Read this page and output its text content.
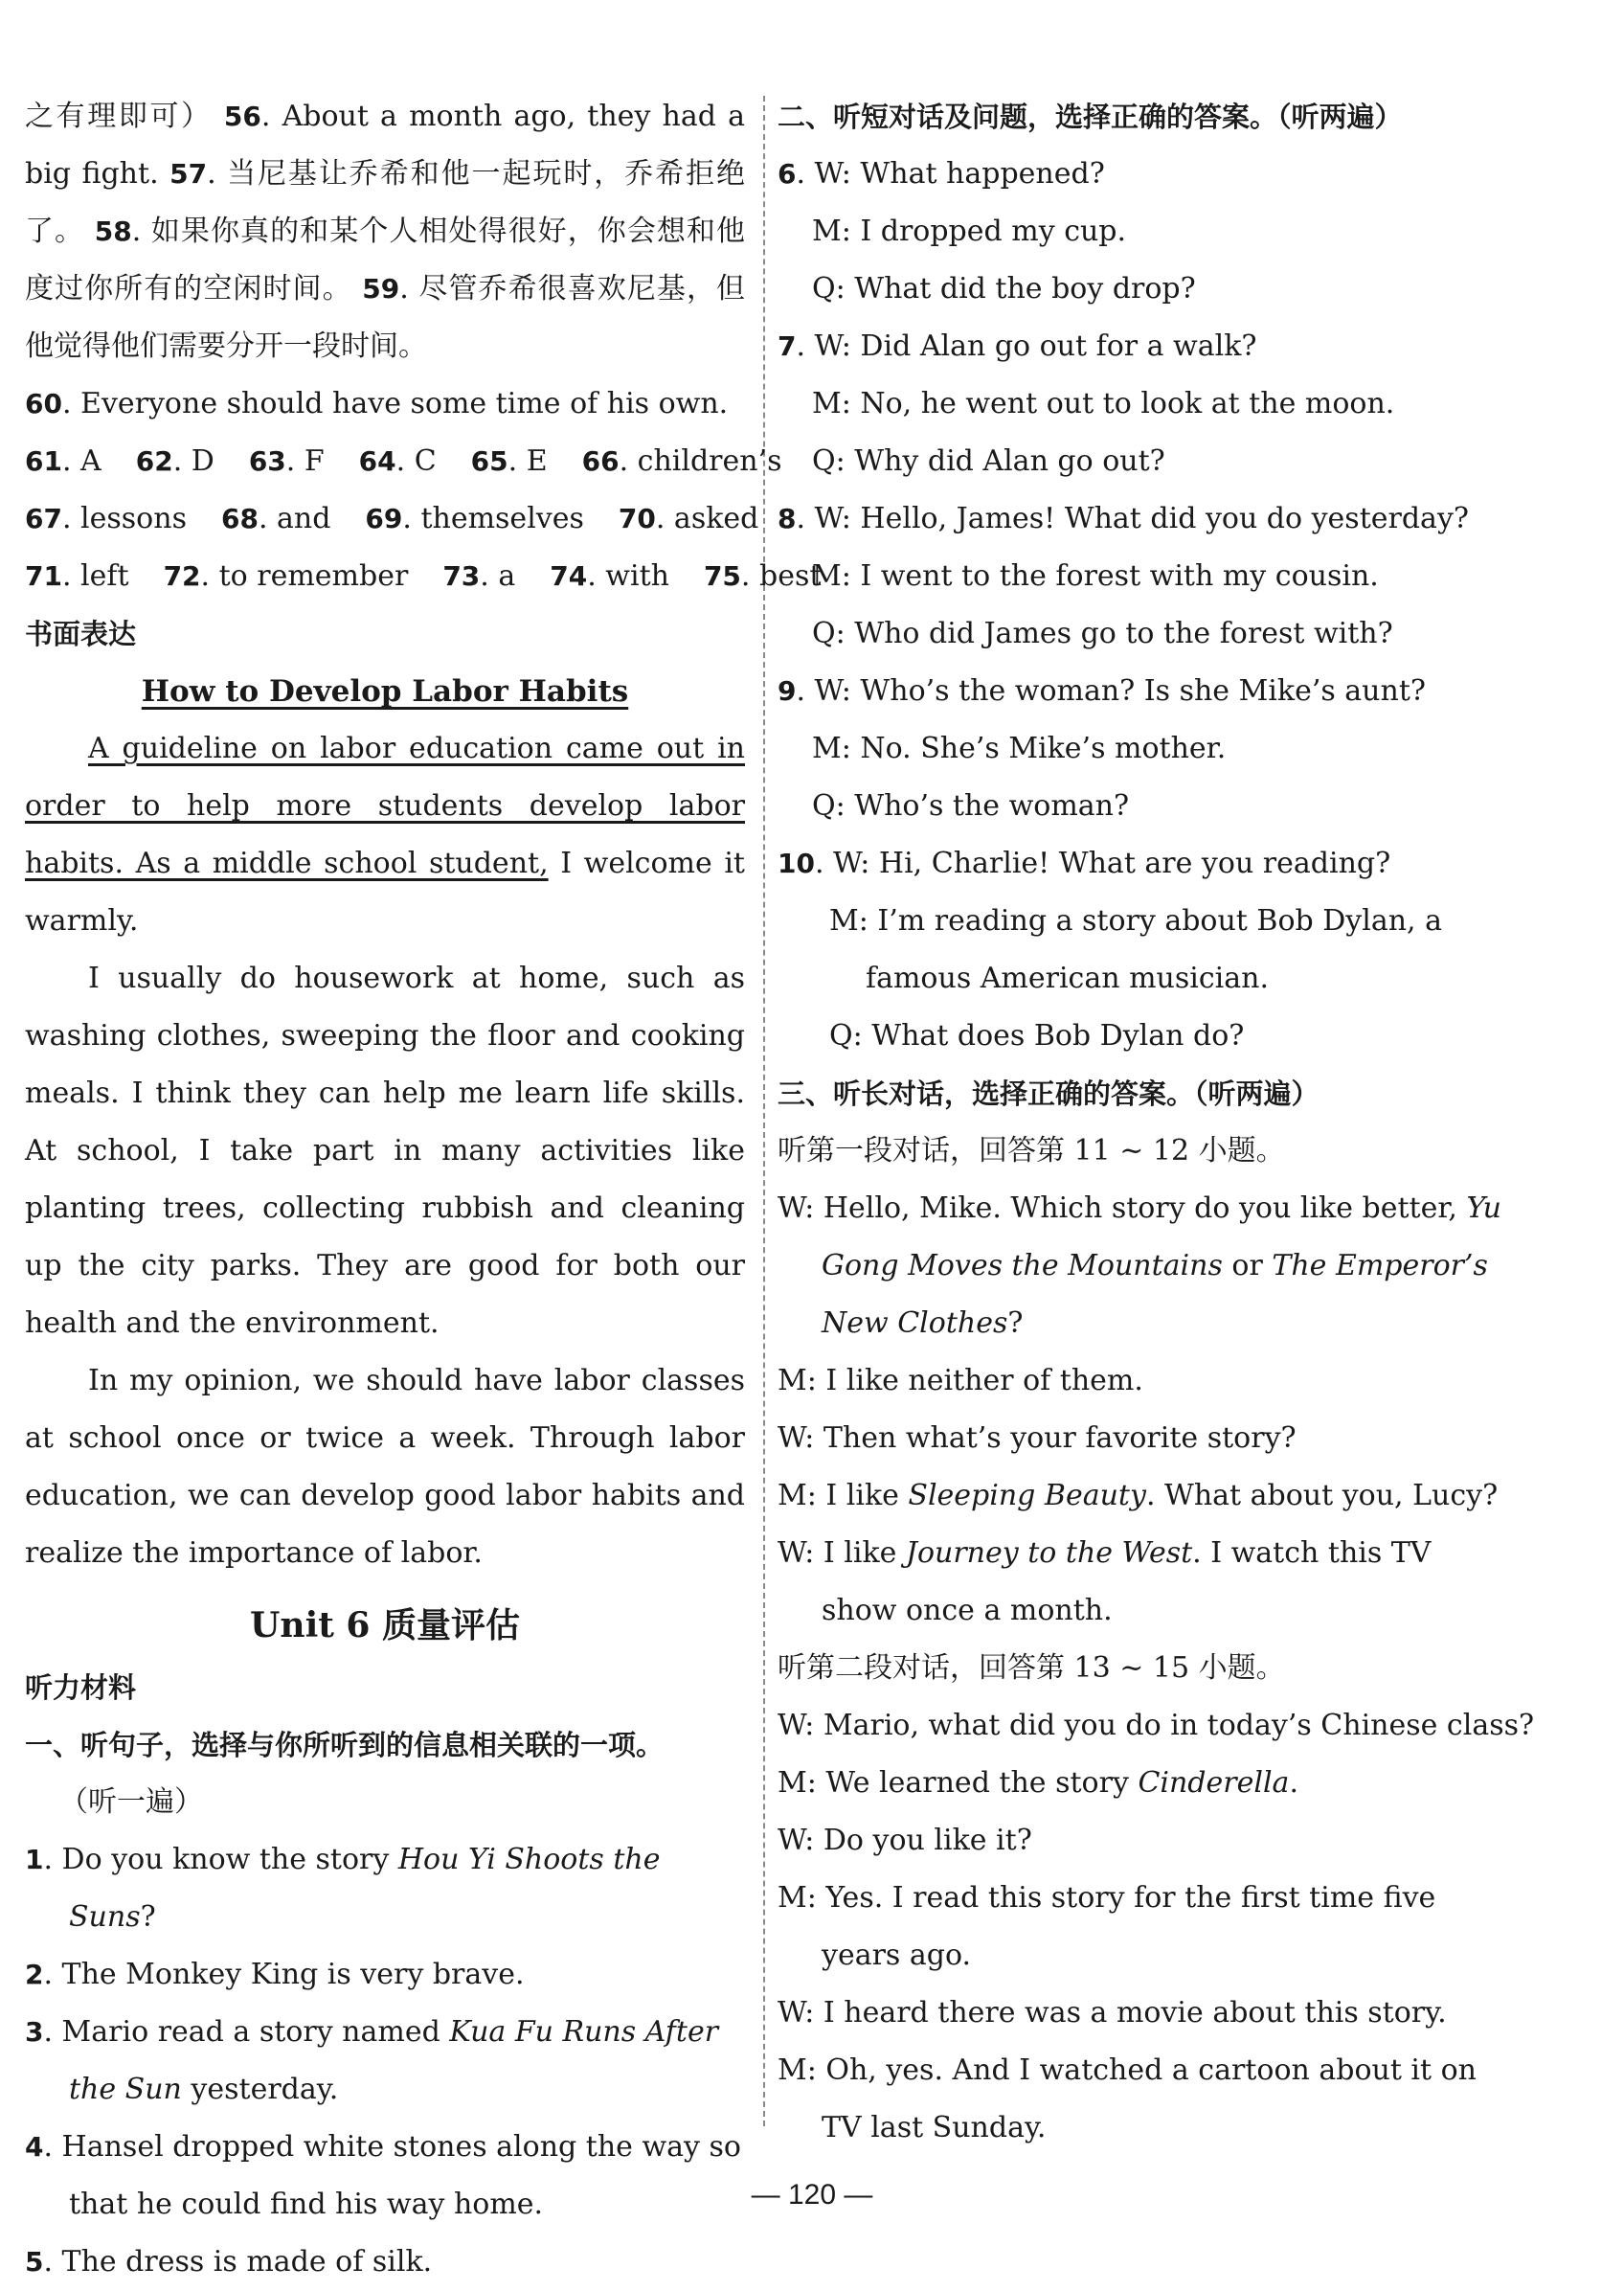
之有理即可） 56. About a month ago, they had a big fight. 57. 当尼基让乔希和他一起玩时，乔希拒绝了。 58. 如果你真的和某个人相处得很好，你会想和他度过你所有的空闲时间。 59. 尽管乔希很喜欢尼基，但他觉得他们需要分开一段时间。

60. Everyone should have some time of his own.

61. A 62. D 63. F 64. C 65. E 66. children’s

67. lessons 68. and 69. themselves 70. asked

71. left 72. to remember 73. a 74. with 75. best

书面表达

How to Develop Labor Habits

A guideline on labor education came out in order to help more students develop labor habits. As a middle school student, I welcome it warmly.

I usually do housework at home, such as washing clothes, sweeping the floor and cooking meals. I think they can help me learn life skills. At school, I take part in many activities like planting trees, collecting rubbish and cleaning up the city parks. They are good for both our health and the environment.

In my opinion, we should have labor classes at school once or twice a week. Through labor education, we can develop good labor habits and realize the importance of labor.

Unit 6 质量评估

听力材料

一、听句子，选择与你所听到的信息相关联的一项。

（听一遍）

1. Do you know the story Hou Yi Shoots the Suns?

2. The Monkey King is very brave.

3. Mario read a story named Kua Fu Runs After the Sun yesterday.

4. Hansel dropped white stones along the way so that he could find his way home.

5. The dress is made of silk.

二、听短对话及问题，选择正确的答案。（听两遍）

6. W: What happened?

M: I dropped my cup.

Q: What did the boy drop?

7. W: Did Alan go out for a walk?

M: No, he went out to look at the moon.

Q: Why did Alan go out?

8. W: Hello, James! What did you do yesterday?

M: I went to the forest with my cousin.

Q: Who did James go to the forest with?

9. W: Who’s the woman? Is she Mike’s aunt?

M: No. She’s Mike’s mother.

Q: Who’s the woman?

10. W: Hi, Charlie! What are you reading?

M: I’m reading a story about Bob Dylan, a famous American musician.

Q: What does Bob Dylan do?

三、听长对话，选择正确的答案。（听两遍）

听第一段对话，回答第 11 ~ 12 小题。

W: Hello, Mike. Which story do you like better, Yu Gong Moves the Mountains or The Emperor’s New Clothes?

M: I like neither of them.

W: Then what’s your favorite story?

M: I like Sleeping Beauty. What about you, Lucy?

W: I like Journey to the West. I watch this TV show once a month.

听第二段对话，回答第 13 ~ 15 小题。

W: Mario, what did you do in today’s Chinese class?

M: We learned the story Cinderella.

W: Do you like it?

M: Yes. I read this story for the first time five years ago.

W: I heard there was a movie about this story.

M: Oh, yes. And I watched a cartoon about it on TV last Sunday.

— 120 —
